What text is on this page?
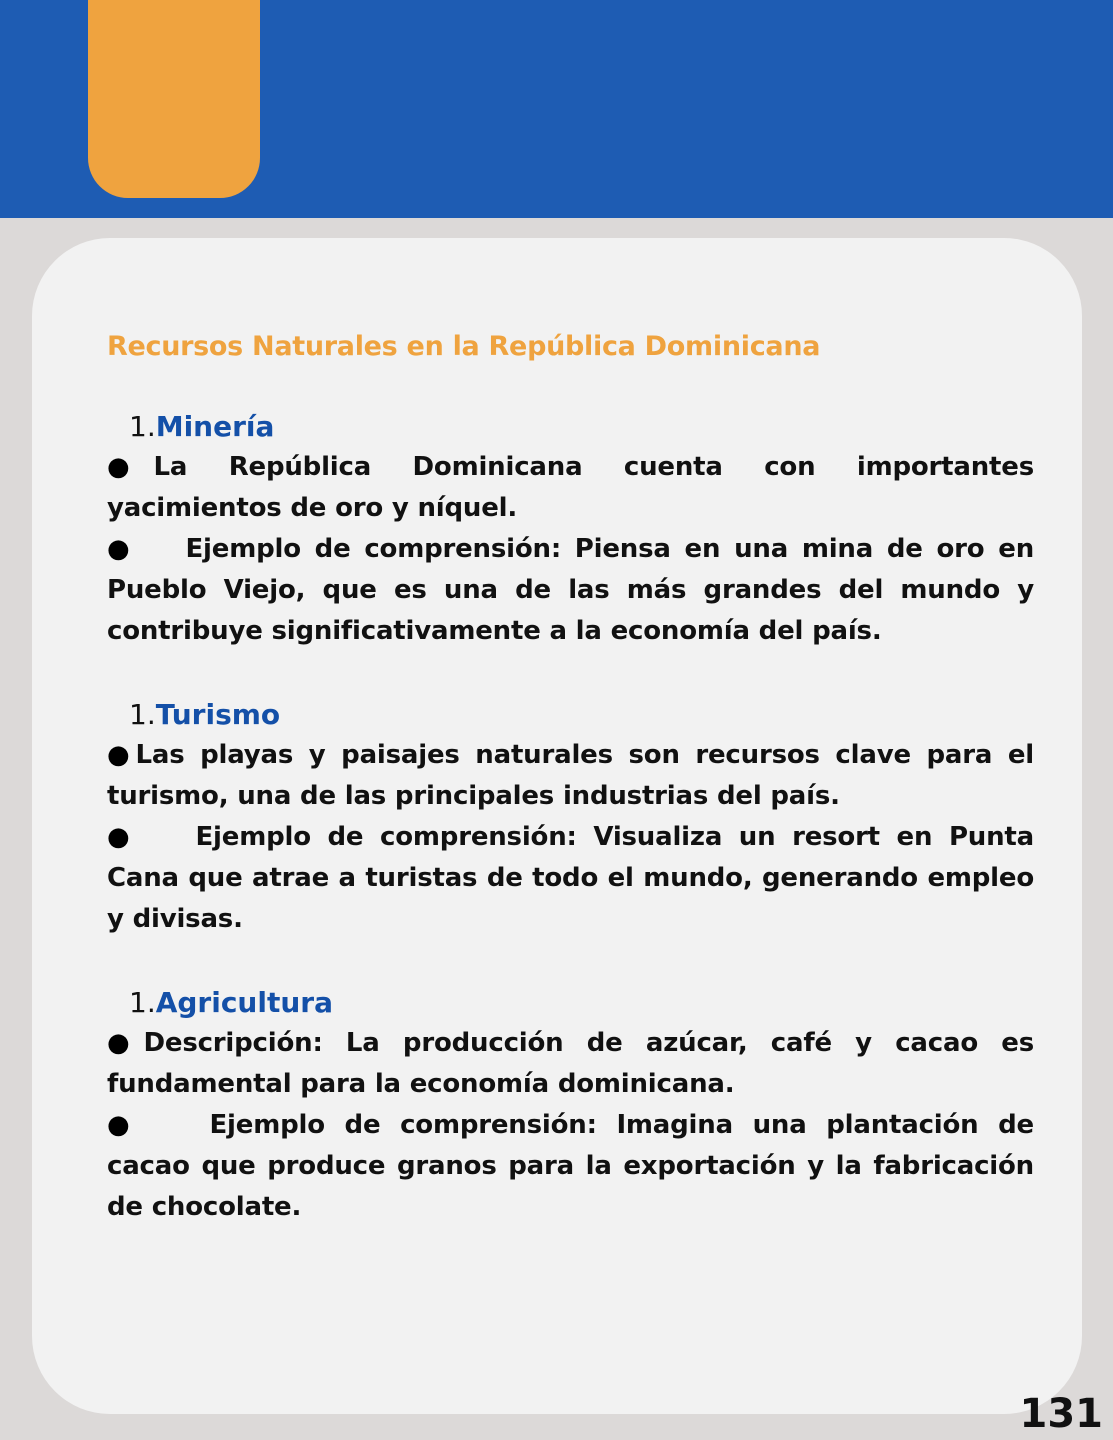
Recursos Naturales en la República Dominicana
1.Minería

● La República Dominicana cuenta con importantes yacimientos de oro y níquel.

● Ejemplo de comprensión: Piensa en una mina de oro en Pueblo Viejo, que es una de las más grandes del mundo y contribuye significativamente a la economía del país.

1.Turismo

● Las playas y paisajes naturales son recursos clave para el turismo, una de las principales industrias del país.

●	Ejemplo de comprensión: Visualiza un resort en Punta Cana que atrae a turistas de todo el mundo, generando empleo y divisas.

1.Agricultura

● Descripción: La producción de azúcar, café y cacao es fundamental para la economía dominicana.

●	Ejemplo de comprensión: Imagina una plantación de cacao que produce granos para la exportación y la fabricación de chocolate.

131
